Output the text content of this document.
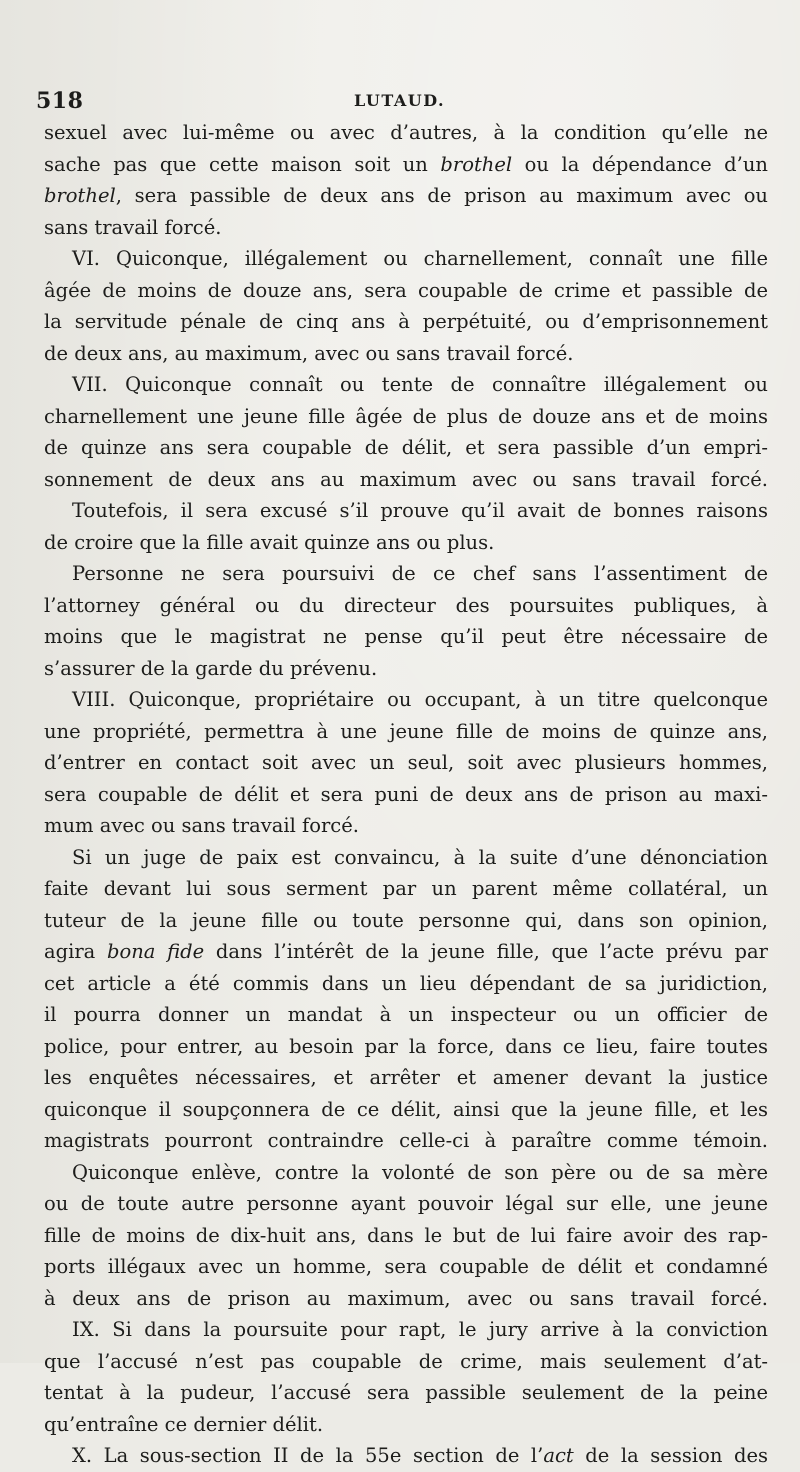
518	LUTAUD.
sexuel avec lui-même ou avec d’autres, à la condition qu’elle ne
sache pas que cette maison soit un brothel ou la dépendance d’un
brothel, sera passible de deux ans de prison au maximum avec ou
sans travail forcé.
VI. Quiconque, illégalement ou charnellement, connaît une fille
âgée de moins de douze ans, sera coupable de crime et passible de
la servitude pénale de cinq ans à perpétuité, ou d’emprisonnement
de deux ans, au maximum, avec ou sans travail forcé.
VII. Quiconque connaît ou tente de connaître illégalement ou
charnellement une jeune fille âgée de plus de douze ans et de moins
de quinze ans sera coupable de délit, et sera passible d’un empri-
sonnement de deux ans au maximum avec ou sans travail forcé.
Toutefois, il sera excusé s’il prouve qu’il avait de bonnes raisons
de croire que la fille avait quinze ans ou plus.
Personne ne sera poursuivi de ce chef sans l’assentiment de
l’attorney général ou du directeur des poursuites publiques, à
moins que le magistrat ne pense qu’il peut être nécessaire de
s’assurer de la garde du prévenu.
VIII. Quiconque, propriétaire ou occupant, à un titre quelconque
une propriété, permettra à une jeune fille de moins de quinze ans,
d’entrer en contact soit avec un seul, soit avec plusieurs hommes,
sera coupable de délit et sera puni de deux ans de prison au maxi-
mum avec ou sans travail forcé.
Si un juge de paix est convaincu, à la suite d’une dénonciation
faite devant lui sous serment par un parent même collatéral, un
tuteur de la jeune fille ou toute personne qui, dans son opinion,
agira bona fide dans l’intérêt de la jeune fille, que l’acte prévu par
cet article a été commis dans un lieu dépendant de sa juridiction,
il pourra donner un mandat à un inspecteur ou un officier de
police, pour entrer, au besoin par la force, dans ce lieu, faire toutes
les enquêtes nécessaires, et arrêter et amener devant la justice
quiconque il soupçonnera de ce délit, ainsi que la jeune fille, et les
magistrats pourront contraindre celle-ci à paraître comme témoin.
Quiconque enlève, contre la volonté de son père ou de sa mère
ou de toute autre personne ayant pouvoir légal sur elle, une jeune
fille de moins de dix-huit ans, dans le but de lui faire avoir des rap-
ports illégaux avec un homme, sera coupable de délit et condamné
à deux ans de prison au maximum, avec ou sans travail forcé.
IX. Si dans la poursuite pour rapt, le jury arrive à la conviction
que l’accusé n’est pas coupable de crime, mais seulement d’at-
tentat à la pudeur, l’accusé sera passible seulement de la peine
qu’entraîne ce dernier délit.
X. La sous-section II de la 55e section de l’act de la session des
